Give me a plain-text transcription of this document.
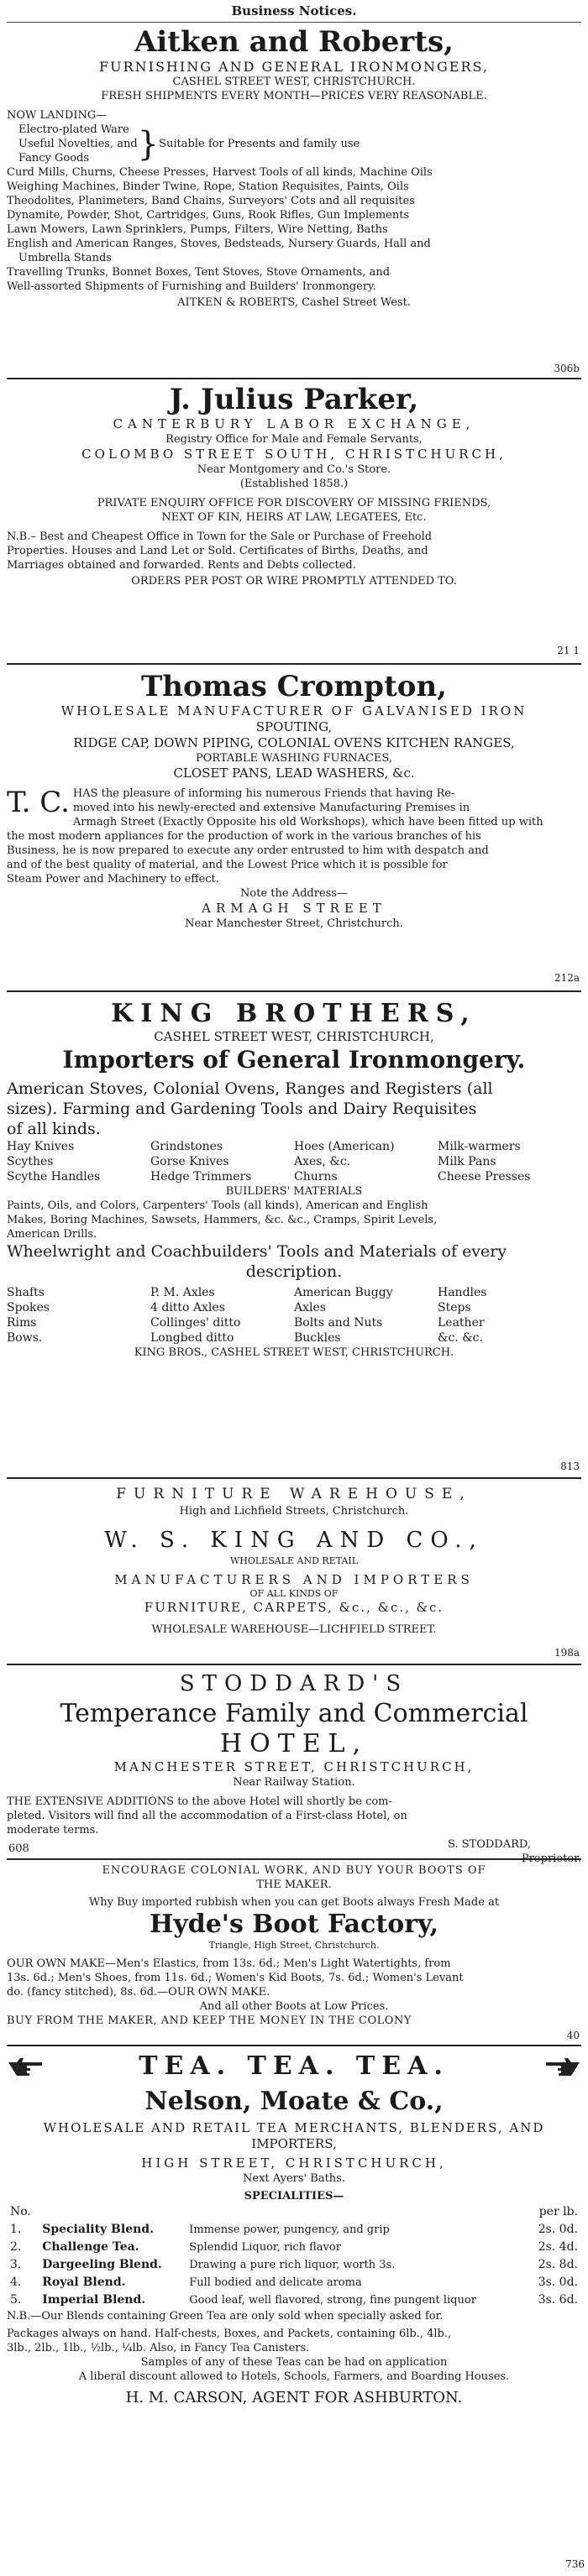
Business Notices.
Aitken and Roberts,
FURNISHING AND GENERAL IRONMONGERS,
CASHEL STREET WEST, CHRISTCHURCH.
FRESH SHIPMENTS EVERY MONTH—PRICES VERY REASONABLE.
NOW LANDING—
Electro-plated Ware
Useful Novelties, and
Fancy Goods	} Suitable for Presents and family use
Curd Mills, Churns, Cheese Presses, Harvest Tools of all kinds, Machine Oils
Weighing Machines, Binder Twine, Rope, Station Requisites, Paints, Oils
Theodolites, Planimeters, Band Chains, Surveyors' Cots and all requisites
Dynamite, Powder, Shot, Cartridges, Guns, Rook Rifles, Gun Implements
Lawn Mowers, Lawn Sprinklers, Pumps, Filters, Wire Netting, Baths
English and American Ranges, Stoves, Bedsteads, Nursery Guards, Hall and
Umbrella Stands
Travelling Trunks, Bonnet Boxes, Tent Stoves, Stove Ornaments, and
Well-assorted Shipments of Furnishing and Builders' Ironmongery.
AITKEN & ROBERTS, Cashel Street West.
306b
J. Julius Parker,
CANTERBURY LABOR EXCHANGE,
Registry Office for Male and Female Servants,
COLOMBO STREET SOUTH, CHRISTCHURCH,
Near Montgomery and Co.'s Store.
(Established 1858.)
PRIVATE ENQUIRY OFFICE FOR DISCOVERY OF MISSING FRIENDS,
NEXT OF KIN, HEIRS AT LAW, LEGATEES, Etc.
N.B.– Best and Cheapest Office in Town for the Sale or Purchase of Freehold
Properties. Houses and Land Let or Sold. Certificates of Births, Deaths, and
Marriages obtained and forwarded. Rents and Debts collected.
ORDERS PER POST OR WIRE PROMPTLY ATTENDED TO.
21 1
Thomas Crompton,
WHOLESALE MANUFACTURER OF GALVANISED IRON
SPOUTING,
RIDGE CAP, DOWN PIPING, COLONIAL OVENS KITCHEN RANGES,
PORTABLE WASHING FURNACES,
CLOSET PANS, LEAD WASHERS, &c.
T. C. HAS the pleasure of informing his numerous Friends that having Re-
moved into his newly-erected and extensive Manufacturing Premises in
Armagh Street (Exactly Opposite his old Workshops), which have been fitted up with
the most modern appliances for the production of work in the various branches of his
Business, he is now prepared to execute any order entrusted to him with despatch and
and of the best quality of material, and the Lowest Price which it is possible for
Steam Power and Machinery to effect.
Note the Address—
ARMAGH STREET
Near Manchester Street, Christchurch.
212a
KING BROTHERS,
CASHEL STREET WEST, CHRISTCHURCH,
Importers of General Ironmongery.
American Stoves, Colonial Ovens, Ranges and Registers (all
sizes). Farming and Gardening Tools and Dairy Requisites
of all kinds.
Hay Knives	Grindstones	Hoes (American)	Milk-warmers
Scythes	Gorse Knives	Axes, &c.	Milk Pans
Scythe Handles	Hedge Trimmers	Churns	Cheese Presses
BUILDERS' MATERIALS
Paints, Oils, and Colors, Carpenters' Tools (all kinds), American and English
Makes, Boring Machines, Sawsets, Hammers, &c. &c., Cramps, Spirit Levels,
American Drills.
Wheelwright and Coachbuilders' Tools and Materials of every
description.
Shafts	P. M. Axles	American Buggy	Handles
Spokes	4 ditto Axles	Axles	Steps
Rims	Collinges' ditto	Bolts and Nuts	Leather
Bows.	Longbed ditto	Buckles	&c. &c.
KING BROS., CASHEL STREET WEST, CHRISTCHURCH.
813
FURNITURE WAREHOUSE,
High and Lichfield Streets, Christchurch.
W. S. KING AND CO.,
WHOLESALE AND RETAIL
MANUFACTURERS AND IMPORTERS
OF ALL KINDS OF
FURNITURE, CARPETS, &c., &c., &c.
WHOLESALE WAREHOUSE—LICHFIELD STREET.
198a
STODDARD'S
Temperance Family and Commercial
HOTEL,
MANCHESTER STREET, CHRISTCHURCH,
Near Railway Station.
THE EXTENSIVE ADDITIONS to the above Hotel will shortly be com-
pleted. Visitors will find all the accommodation of a First-class Hotel, on
moderate terms.
S. STODDARD,
Proprietor.
608
ENCOURAGE COLONIAL WORK, AND BUY YOUR BOOTS OF
THE MAKER.
Why Buy imported rubbish when you can get Boots always Fresh Made at
Hyde's Boot Factory,
Triangle, High Street, Christchurch.
OUR OWN MAKE—Men's Elastics, from 13s. 6d.; Men's Light Watertights, from
13s. 6d.; Men's Shoes, from 11s. 6d.; Women's Kid Boots, 7s. 6d.; Women's Levant
do. (fancy stitched), 8s. 6d.—OUR OWN MAKE.
And all other Boots at Low Prices.
BUY FROM THE MAKER, AND KEEP THE MONEY IN THE COLONY
40
TEA. TEA. TEA.
Nelson, Moate & Co.,
WHOLESALE AND RETAIL TEA MERCHANTS, BLENDERS, AND
IMPORTERS,
HIGH STREET, CHRISTCHURCH,
Next Ayers' Baths.
SPECIALITIES—
No.			per lb.
1.	Speciality Blend.	Immense power, pungency, and grip	2s. 0d.
2.	Challenge Tea.	Splendid Liquor, rich flavor	2s. 4d.
3.	Dargeeling Blend.	Drawing a pure rich liquor, worth 3s.	2s. 8d.
4.	Royal Blend.	Full bodied and delicate aroma	3s. 0d.
5.	Imperial Blend.	Good leaf, well flavored, strong, fine pungent liquor	3s. 6d.
N.B.—Our Blends containing Green Tea are only sold when specially asked for.
Packages always on hand. Half-chests, Boxes, and Packets, containing 6lb., 4lb.,
3lb., 2lb., 1lb., ½lb., ¼lb. Also, in Fancy Tea Canisters.
Samples of any of these Teas can be had on application
A liberal discount allowed to Hotels, Schools, Farmers, and Boarding Houses.
H. M. CARSON, AGENT FOR ASHBURTON.
736
